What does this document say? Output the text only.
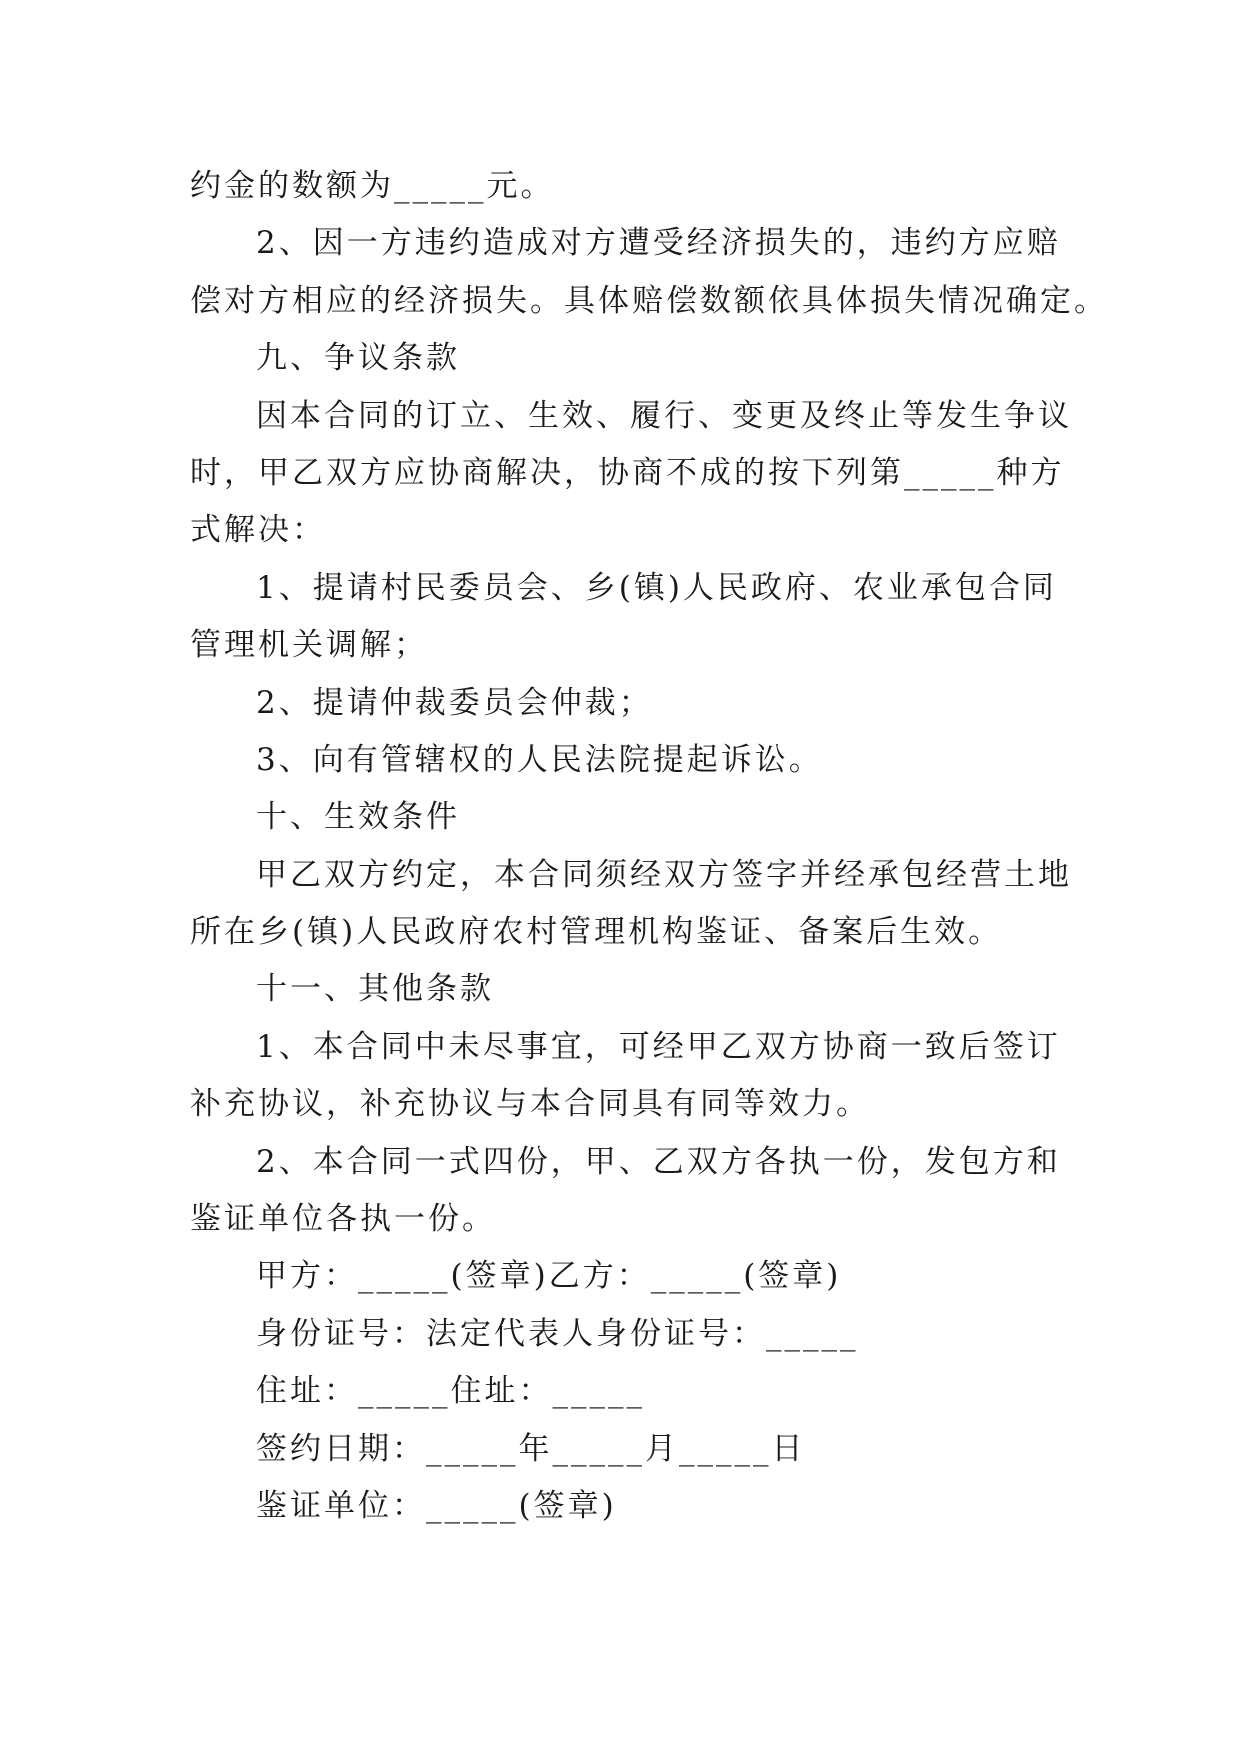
约金的数额为_____元。
2、因一方违约造成对方遭受经济损失的，违约方应赔
偿对方相应的经济损失。具体赔偿数额依具体损失情况确定。
九、争议条款
因本合同的订立、生效、履行、变更及终止等发生争议
时，甲乙双方应协商解决，协商不成的按下列第_____种方
式解决：
1、提请村民委员会、乡(镇)人民政府、农业承包合同
管理机关调解；
2、提请仲裁委员会仲裁；
3、向有管辖权的人民法院提起诉讼。
十、生效条件
甲乙双方约定，本合同须经双方签字并经承包经营土地
所在乡(镇)人民政府农村管理机构鉴证、备案后生效。
十一、其他条款
1、本合同中未尽事宜，可经甲乙双方协商一致后签订
补充协议，补充协议与本合同具有同等效力。
2、本合同一式四份，甲、乙双方各执一份，发包方和
鉴证单位各执一份。
甲方：_____(签章)乙方：_____(签章)
身份证号：法定代表人身份证号：_____
住址：_____住址：_____
签约日期：_____年_____月_____日
鉴证单位：_____(签章)
